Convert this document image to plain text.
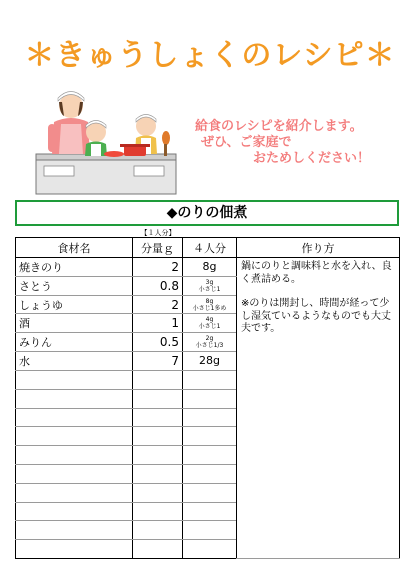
＊きゅうしょくのレシピ＊
給食のレシピを紹介します。
ぜひ、ご家庭で
おためしください！
◆のりの佃煮
【１人分】
食材名	分量ｇ	４人分	作り方
焼きのり	2	8g	鍋にのりと調味料と水を入れ、良く煮詰める。

※のりは開封し、時間が経って少し湿気ているようなものでも大丈夫です。

さとう	0.8	3g
小さじ1	

しょうゆ	2	8g
小さじ1多め	

酒	1	4g
小さじ1	

みりん	0.5	2g
小さじ1/3	

水	7	28g	
